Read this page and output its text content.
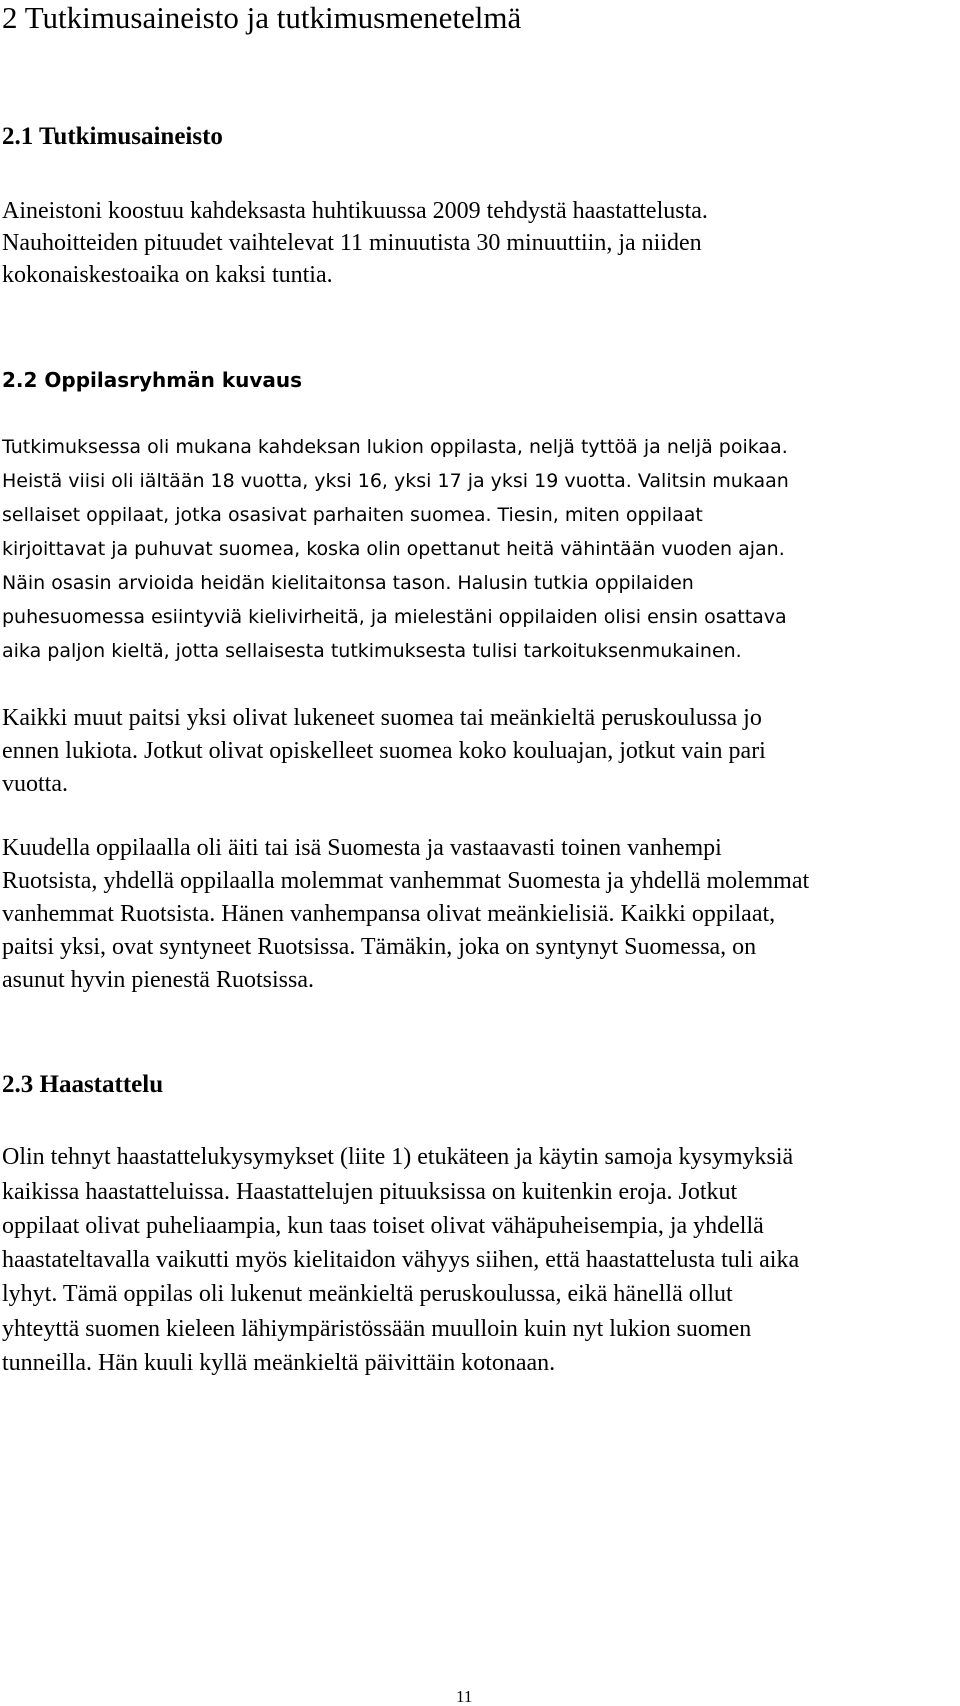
2 Tutkimusaineisto ja tutkimusmenetelmä
2.1 Tutkimusaineisto
Aineistoni koostuu kahdeksasta huhtikuussa 2009 tehdystä haastattelusta.
Nauhoitteiden pituudet vaihtelevat 11 minuutista 30 minuuttiin, ja niiden
kokonaiskestoaika on kaksi tuntia.
2.2 Oppilasryhmän kuvaus
Tutkimuksessa oli mukana kahdeksan lukion oppilasta, neljä tyttöä ja neljä poikaa.
Heistä viisi oli iältään 18 vuotta, yksi 16, yksi 17 ja yksi 19 vuotta. Valitsin mukaan
sellaiset oppilaat, jotka osasivat parhaiten suomea. Tiesin, miten oppilaat
kirjoittavat ja puhuvat suomea, koska olin opettanut heitä vähintään vuoden ajan.
Näin osasin arvioida heidän kielitaitonsa tason. Halusin tutkia oppilaiden
puhesuomessa esiintyviä kielivirheitä, ja mielestäni oppilaiden olisi ensin osattava
aika paljon kieltä, jotta sellaisesta tutkimuksesta tulisi tarkoituksenmukainen.
Kaikki muut paitsi yksi olivat lukeneet suomea tai meänkieltä peruskoulussa jo
ennen lukiota. Jotkut olivat opiskelleet suomea koko kouluajan, jotkut vain pari
vuotta.
Kuudella oppilaalla oli äiti tai isä Suomesta ja vastaavasti toinen vanhempi
Ruotsista, yhdellä oppilaalla molemmat vanhemmat Suomesta ja yhdellä molemmat
vanhemmat Ruotsista. Hänen vanhempansa olivat meänkielisiä. Kaikki oppilaat,
paitsi yksi, ovat syntyneet Ruotsissa. Tämäkin, joka on syntynyt Suomessa, on
asunut hyvin pienestä Ruotsissa.
2.3 Haastattelu
Olin tehnyt haastattelukysymykset (liite 1) etukäteen ja käytin samoja kysymyksiä
kaikissa haastatteluissa. Haastattelujen pituuksissa on kuitenkin eroja. Jotkut
oppilaat olivat puheliaampia, kun taas toiset olivat vähäpuheisempia, ja yhdellä
haastateltavalla vaikutti myös kielitaidon vähyys siihen, että haastattelusta tuli aika
lyhyt. Tämä oppilas oli lukenut meänkieltä peruskoulussa, eikä hänellä ollut
yhteyttä suomen kieleen lähiympäristössään muulloin kuin nyt lukion suomen
tunneilla. Hän kuuli kyllä meänkieltä päivittäin kotonaan.
11
